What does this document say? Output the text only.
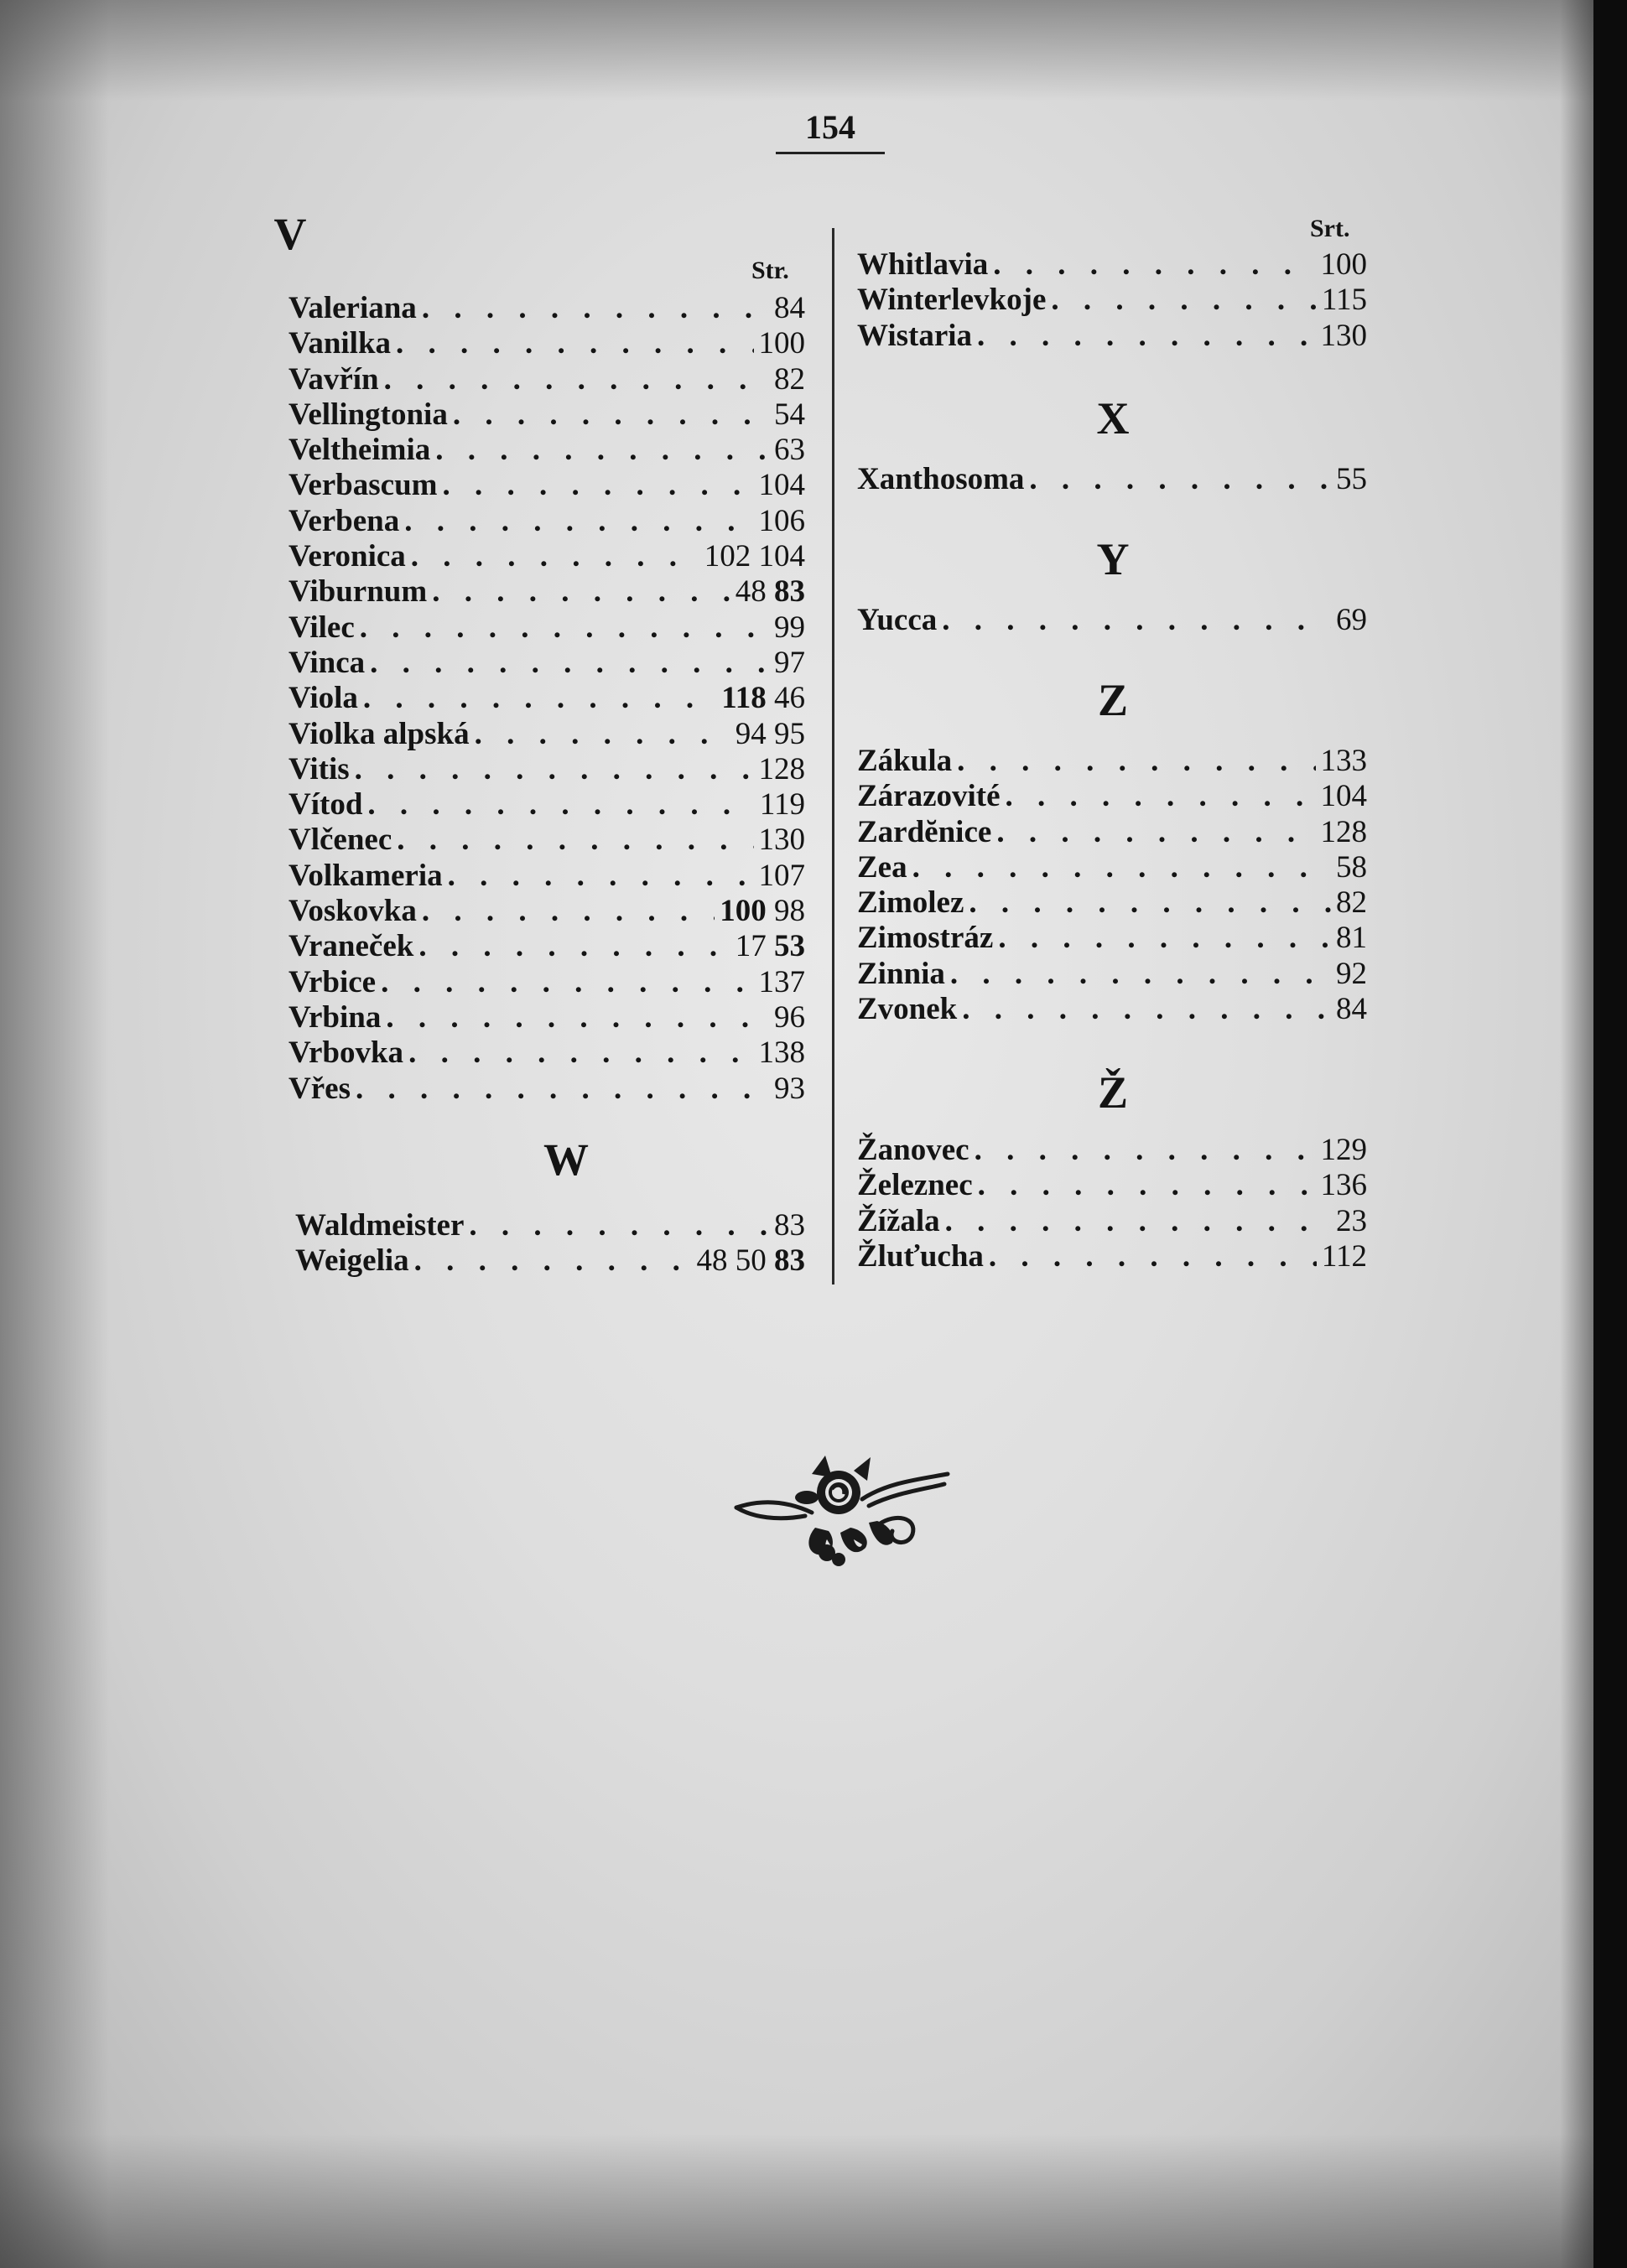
154
V
Str.
Valeriana . . .	84
Vanilka . . .	100
Vavřín . . .	82
Vellingtonia . . .	54
Veltheimia . . .	63
Verbascum . . .	104
Verbena . . .	106
Veronica . . .	102 104
Viburnum . . .	48 83
Vilec . . .	99
Vinca . . .	97
Viola . . .	118 46
Violka alpská . . .	94 95
Vitis . . .	128
Vítod . . .	119
Vlčenec . . .	130
Volkameria . . .	107
Voskovka . . .	100 98
Vraneček . . .	17 53
Vrbice . . .	137
Vrbina . . .	96
Vrbovka . . .	138
Vřes . . .	93
W
Waldmeister . . .	83
Weigelia . . .	48 50 83
Srt.
Whitlavia . . .	100
Winterlevkoje . . .	115
Wistaria . . .	130
X
Xanthosoma . . .	55
Y
Yucca . . .	69
Z
Zákula . . .	133
Zárazovité . . .	104
Zardĕnice . . .	128
Zea . . .	58
Zimolez . . .	82
Zimostráz . . .	81
Zinnia . . .	92
Zvonek . . .	84
Ž
Žanovec . . .	129
Železnec . . .	136
Žížala . . .	23
Žluťucha . . .	112
